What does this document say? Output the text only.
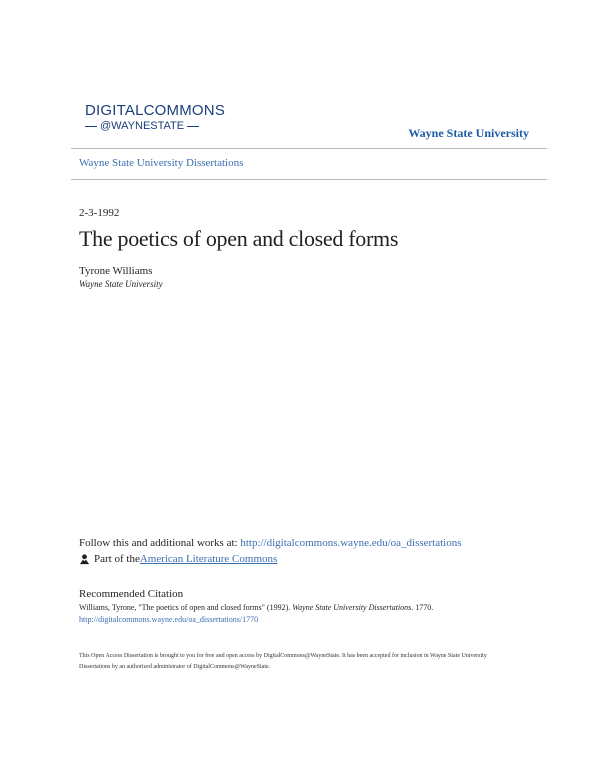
DIGITALCOMMONS
@WAYNESTATE	Wayne State University
Wayne State University Dissertations
2-3-1992
The poetics of open and closed forms
Tyrone Williams
Wayne State University
Follow this and additional works at: http://digitalcommons.wayne.edu/oa_dissertations
Part of the American Literature Commons
Recommended Citation
Williams, Tyrone, "The poetics of open and closed forms" (1992). Wayne State University Dissertations. 1770.
http://digitalcommons.wayne.edu/oa_dissertations/1770
This Open Access Dissertation is brought to you for free and open access by DigitalCommons@WayneState. It has been accepted for inclusion in Wayne State University Dissertations by an authorized administrator of DigitalCommons@WayneState.
